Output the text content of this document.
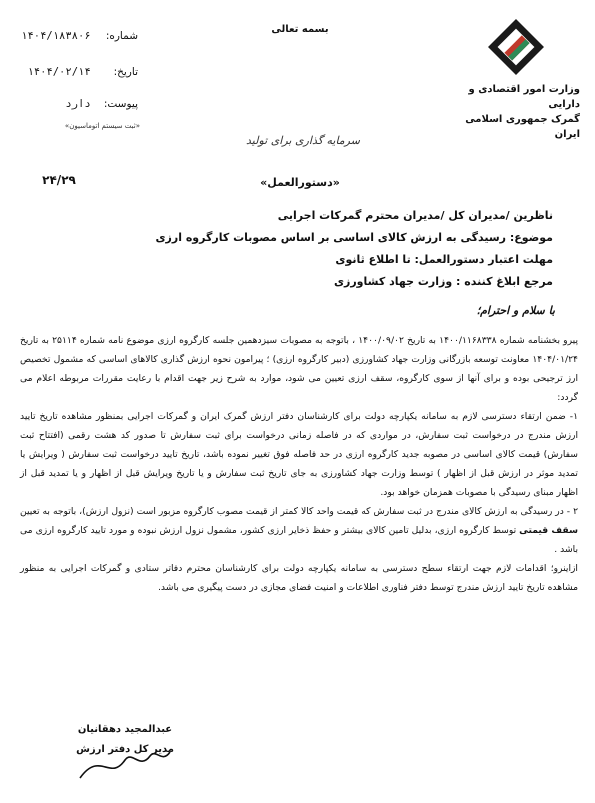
بسمه تعالی
وزارت امور اقتصادی و دارایی
گمرک جمهوری اسلامی ایران
شماره: ۱۴۰۴/۱۸۳۸۰۶
تاریخ: ۱۴۰۴/۰۲/۱۴
پیوست: دارد
«ثبت سیستم اتوماسیون»
سرمایه گذاری برای تولید
«دستورالعمل»
۲۴/۲۹
ناظرین /مدیران کل /مدیران محترم گمرکات اجرایی
موضوع: رسیدگی به ارزش کالای اساسی بر اساس مصوبات کارگروه ارزی
مهلت اعتبار دستورالعمل: تا اطلاع ثانوی
مرجع ابلاغ کننده : وزارت جهاد کشاورزی
با سلام و احترام؛

پیرو بخشنامه شماره ۱۴۰۰/۱۱۶۸۳۳۸ به تاریخ ۱۴۰۰/۰۹/۰۲ ، باتوجه به مصوبات سیزدهمین جلسه کارگروه ارزی موضوع نامه شماره ۲۵۱۱۴ به تاریخ ۱۴۰۴/۰۱/۲۴ معاونت توسعه بازرگانی وزارت جهاد کشاورزی (دبیر کارگروه ارزی) ؛ پیرامون نحوه ارزش گذاری کالاهای اساسی که مشمول تخصیص ارز ترجیحی بوده و برای آنها از سوی کارگروه، سقف ارزی تعیین می شود، موارد به شرح زیر جهت اقدام با رعایت مقررات مربوطه اعلام می گردد:

۱- ضمن ارتقاء دسترسی لازم به سامانه یکپارچه دولت برای کارشناسان دفتر ارزش گمرک ایران و گمرکات اجرایی بمنظور مشاهده تاریخ تایید ارزش مندرج در درخواست ثبت سفارش، در مواردی که در فاصله زمانی درخواست برای ثبت سفارش تا صدور کد هشت رقمی (افتتاح ثبت سفارش) قیمت کالای اساسی در مصوبه جدید کارگروه ارزی در حد فاصله فوق تغییر نموده باشد، تاریخ تایید درخواست ثبت سفارش ( ویرایش یا تمدید موثر در ارزش قبل از اظهار ) توسط وزارت جهاد کشاورزی به جای تاریخ ثبت سفارش و یا تاریخ ویرایش قبل از اظهار و یا تمدید قبل از اظهار مبنای رسیدگی با مصوبات همزمان خواهد بود.

۲ - در رسیدگی به ارزش کالای مندرج در ثبت سفارش که قیمت واحد کالا کمتر از قیمت مصوب کارگروه مزبور است (نزول ارزش)، باتوجه به تعیین سقف قیمتی توسط کارگروه ارزی، بدلیل تامین کالای بیشتر و حفظ ذخایر ارزی کشور، مشمول نزول ارزش نبوده و مورد تایید کارگروه ارزی می باشد .

ازاینرو؛ اقدامات لازم جهت ارتقاء سطح دسترسی به سامانه یکپارچه دولت برای کارشناسان محترم دفاتر ستادی و گمرکات اجرایی به منظور مشاهده تاریخ تایید ارزش مندرج توسط دفتر فناوری اطلاعات و امنیت فضای مجازی در دست پیگیری می باشد.

عبدالمجید دهقانیان
مدیر کل دفتر ارزش
